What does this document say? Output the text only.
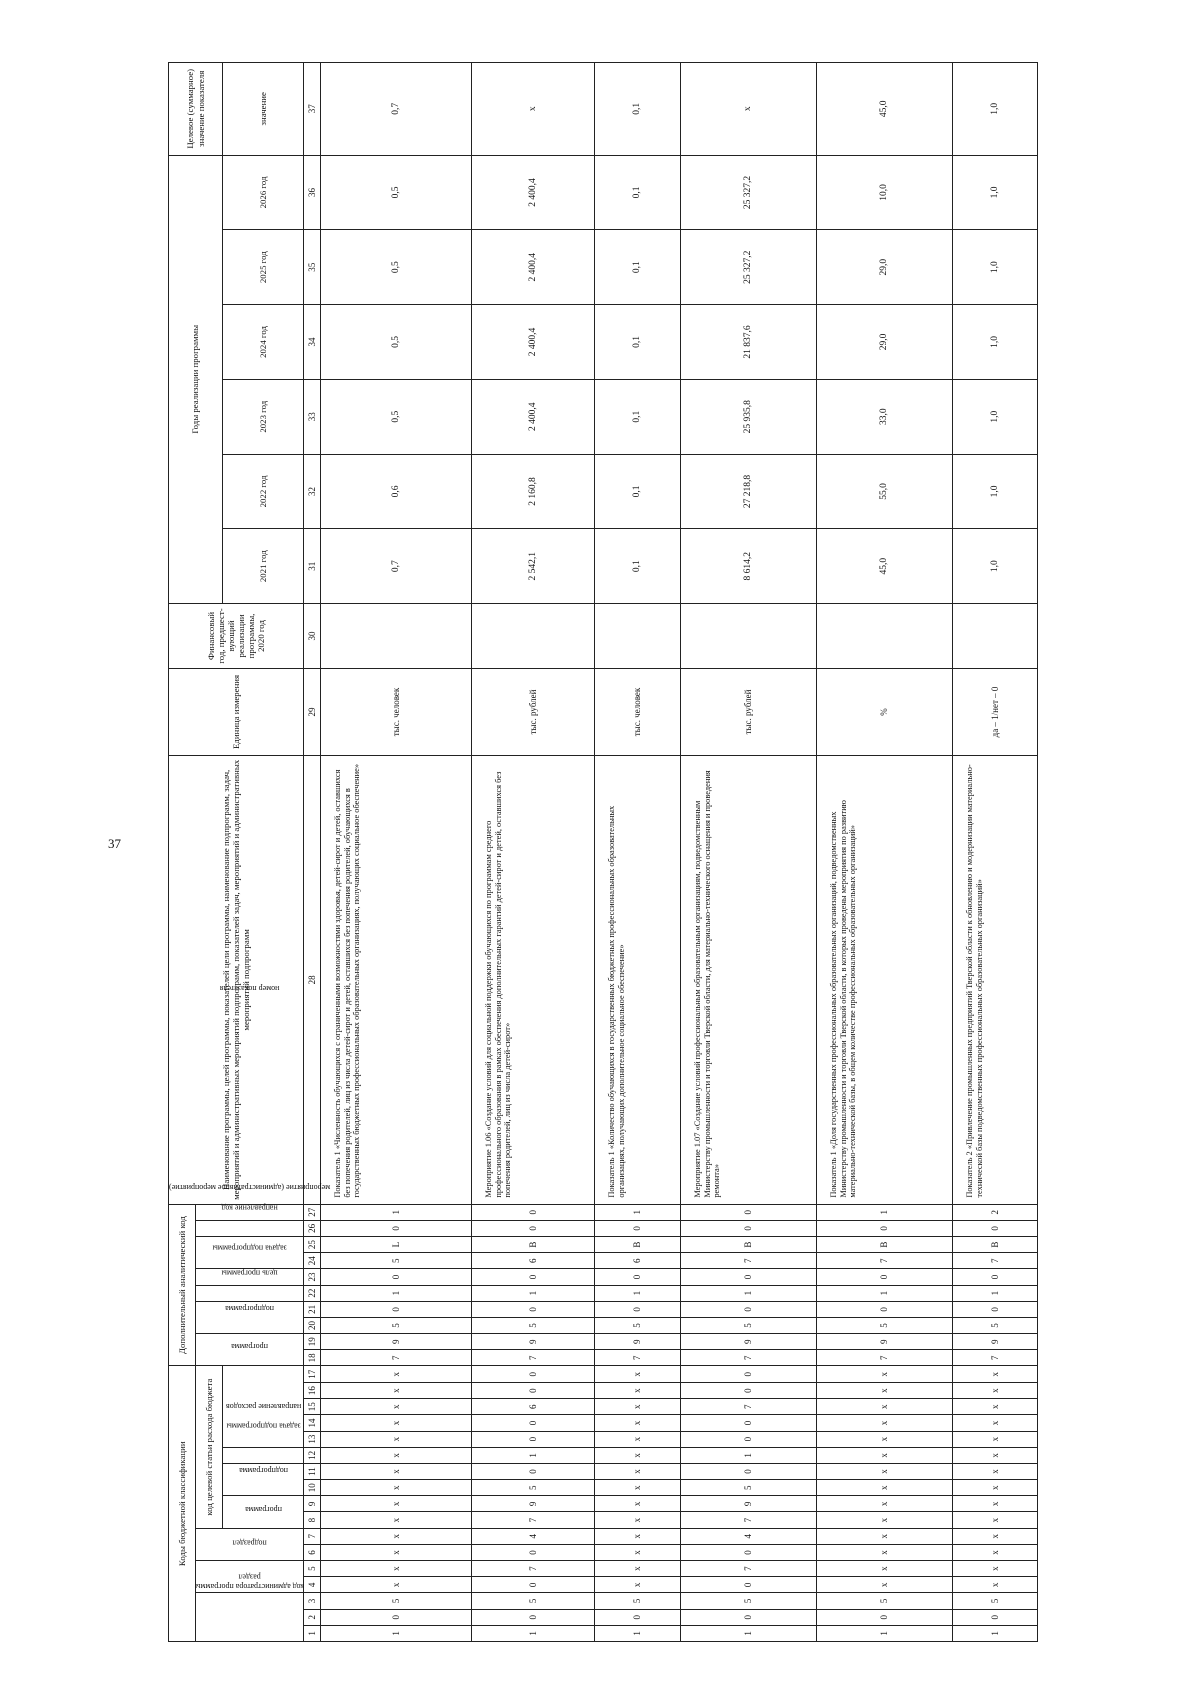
37
Коды бюджетной классификации																	Дополнительный аналитический код										Наименование программы, целей программы, показателей цели программы, наименование подпрограмм, задач, мероприятий и административных мероприятий подпрограмм, показателей задач, мероприятий и административных мероприятий подпрограмм	Единица измерения	Финансовый год, предшест-вующий реализации программы, 2020 год	Годы реализации программы						Целевое (суммарное) значение показателя
код администратора программы			раздел		подраздел		код целевой статьи расхода бюджета										программа		подпрограмма		цель программы	задача подпрограммы	мероприятие (административное мероприятие)		направление код	номер показателя										
							программа		подпрограмма		задача подпрограммы	направление расходов																								
																														2021 год	2022 год	2023 год	2024 год	2025 год	2026 год	значение
1	2	3	4	5	6	7	8	9	10	11	12	13	14	15	16	17	18	19	20	21	22	23	24	25	26	27	28	29	30	31	32	33	34	35	36	37
1	0	5	x	x	x	x	x	x	x	x	x	x	x	x	x	x	7	9	5	0	1	0	5	L	0	1	Показатель 1 «Численность обучающихся с ограниченными возможностями здоровья, детей-сирот и детей, оставшихся без попечения родителей, лиц из числа детей-сирот и детей, оставшихся без попечения родителей, обучающихся в государственных бюджетных профессиональных образовательных организациях, получающих социальное обеспечение»	тыс. человек		0,7	0,6	0,5	0,5	0,5	0,5	0,7
1	0	5	0	7	0	4	7	9	5	0	1	0	0	6	0	0	7	9	5	0	1	0	6	В	0	0	Мероприятие 1.06 «Создание условий для социальной поддержки обучающихся по программам среднего профессионального образования в рамках обеспечения дополнительных гарантий детей-сирот и детей, оставшихся без попечения родителей, лиц из числа детей-сирот»	тыс. рублей		2 542,1	2 160,8	2 400,4	2 400,4	2 400,4	2 400,4	х
1	0	5	x	x	x	x	x	x	x	x	x	x	x	x	x	x	7	9	5	0	1	0	6	В	0	1	Показатель 1 «Количество обучающихся в государственных бюджетных профессиональных образовательных организациях, получающих дополнительное социальное обеспечение»	тыс. человек		0,1	0,1	0,1	0,1	0,1	0,1	0,1
1	0	5	0	7	0	4	7	9	5	0	1	0	0	7	0	0	7	9	5	0	1	0	7	В	0	0	Мероприятие 1.07 «Создание условий профессиональным образовательным организациям, подведомственным Министерству промышленности и торговли Тверской области, для материально-технического оснащения и проведения ремонта»	тыс. рублей		8 614,2	27 218,8	25 935,8	21 837,6	25 327,2	25 327,2	х
1	0	5	x	x	x	x	x	x	x	x	x	x	x	x	x	x	7	9	5	0	1	0	7	В	0	1	Показатель 1 «Доля государственных профессиональных образовательных организаций, подведомственных Министерству промышленности и торговли Тверской области, в которых проведены мероприятия по развитию материально-технической базы, в общем количестве профессиональных образовательных организаций»	%		45,0	55,0	33,0	29,0	29,0	10,0	45,0
1	0	5	x	x	x	x	x	x	x	x	x	x	x	x	x	x	7	9	5	0	1	0	7	В	0	2	Показатель 2 «Привлечение промышленных предприятий Тверской области к обновлению и модернизации материально-технической базы подведомственных профессиональных образовательных организаций»	да – 1/нет – 0		1,0	1,0	1,0	1,0	1,0	1,0	1,0
